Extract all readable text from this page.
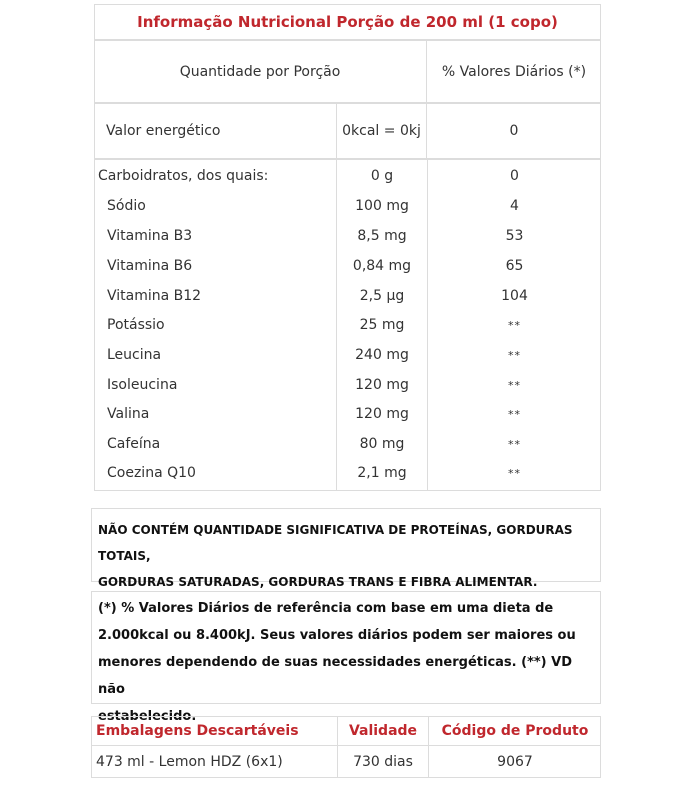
Informação Nutricional Porção de 200 ml (1 copo)
Quantidade por Porção	% Valores Diários (*)
Valor energético	0kcal = 0kj	0
Carboidratos, dos quais:	0 g	0
Sódio	100 mg	4
Vitamina B3	8,5 mg	53
Vitamina B6	0,84 mg	65
Vitamina B12	2,5 µg	104
Potássio	25 mg	**
Leucina	240 mg	**
Isoleucina	120 mg	**
Valina	120 mg	**
Cafeína	80 mg	**
Coezina Q10	2,1 mg	**
NÃO CONTÉM QUANTIDADE SIGNIFICATIVA DE PROTEÍNAS, GORDURAS TOTAIS,
GORDURAS SATURADAS, GORDURAS TRANS E FIBRA ALIMENTAR.
(*) % Valores Diários de referência com base em uma dieta de
2.000kcal ou 8.400kJ. Seus valores diários podem ser maiores ou
menores dependendo de suas necessidades energéticas. (**) VD não
estabelecido.
Embalagens Descartáveis	Validade	Código de Produto
473 ml - Lemon HDZ (6x1)	730 dias	9067
